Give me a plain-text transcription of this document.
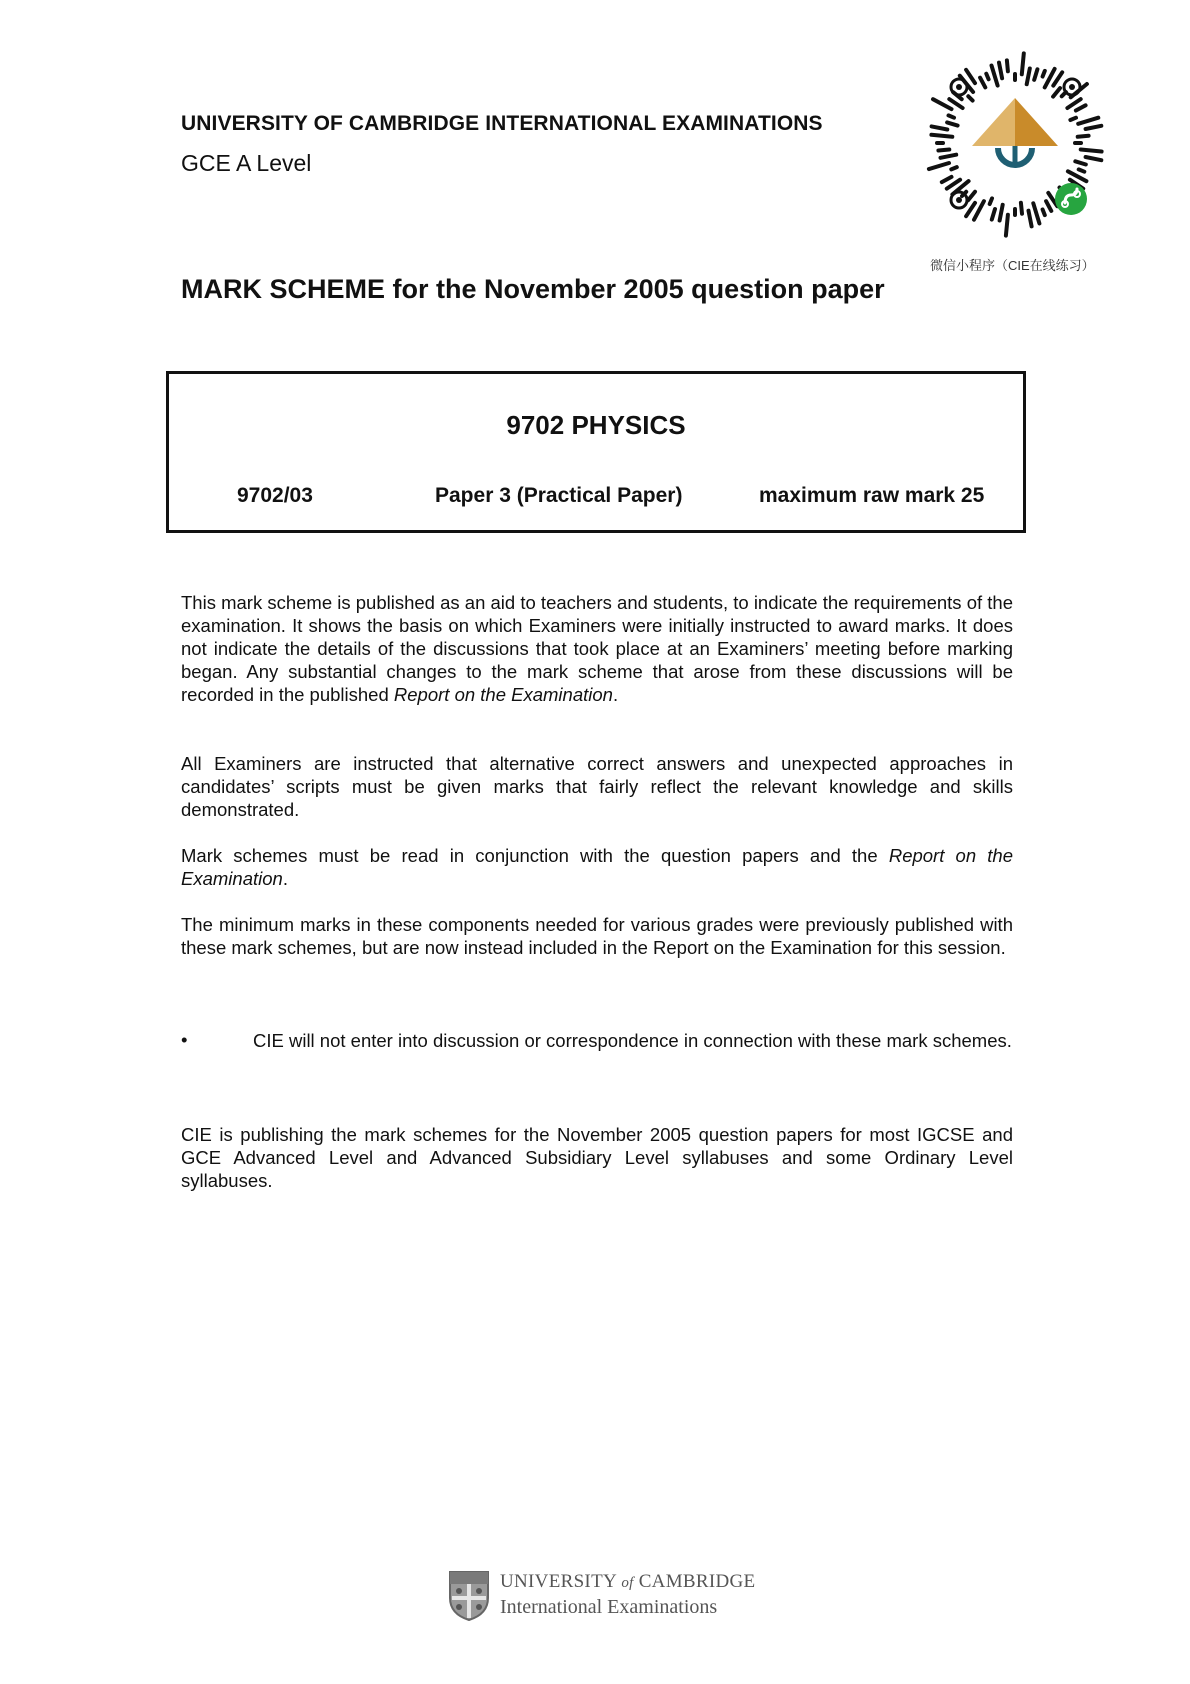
UNIVERSITY OF CAMBRIDGE INTERNATIONAL EXAMINATIONS
GCE A Level
微信小程序（CIE在线练习）
MARK SCHEME for the November 2005 question paper
9702 PHYSICS
9702/03	Paper 3 (Practical Paper)	maximum raw mark 25
This mark scheme is published as an aid to teachers and students, to indicate the requirements of the examination. It shows the basis on which Examiners were initially instructed to award marks. It does not indicate the details of the discussions that took place at an Examiners’ meeting before marking began. Any substantial changes to the mark scheme that arose from these discussions will be recorded in the published Report on the Examination.
All Examiners are instructed that alternative correct answers and unexpected approaches in candidates’ scripts must be given marks that fairly reflect the relevant knowledge and skills demonstrated.
Mark schemes must be read in conjunction with the question papers and the Report on the Examination.
The minimum marks in these components needed for various grades were previously published with these mark schemes, but are now instead included in the Report on the Examination for this session.
•	CIE will not enter into discussion or correspondence in connection with these mark schemes.
CIE is publishing the mark schemes for the November 2005 question papers for most IGCSE and GCE Advanced Level and Advanced Subsidiary Level syllabuses and some Ordinary Level syllabuses.
UNIVERSITY of CAMBRIDGE
International Examinations
